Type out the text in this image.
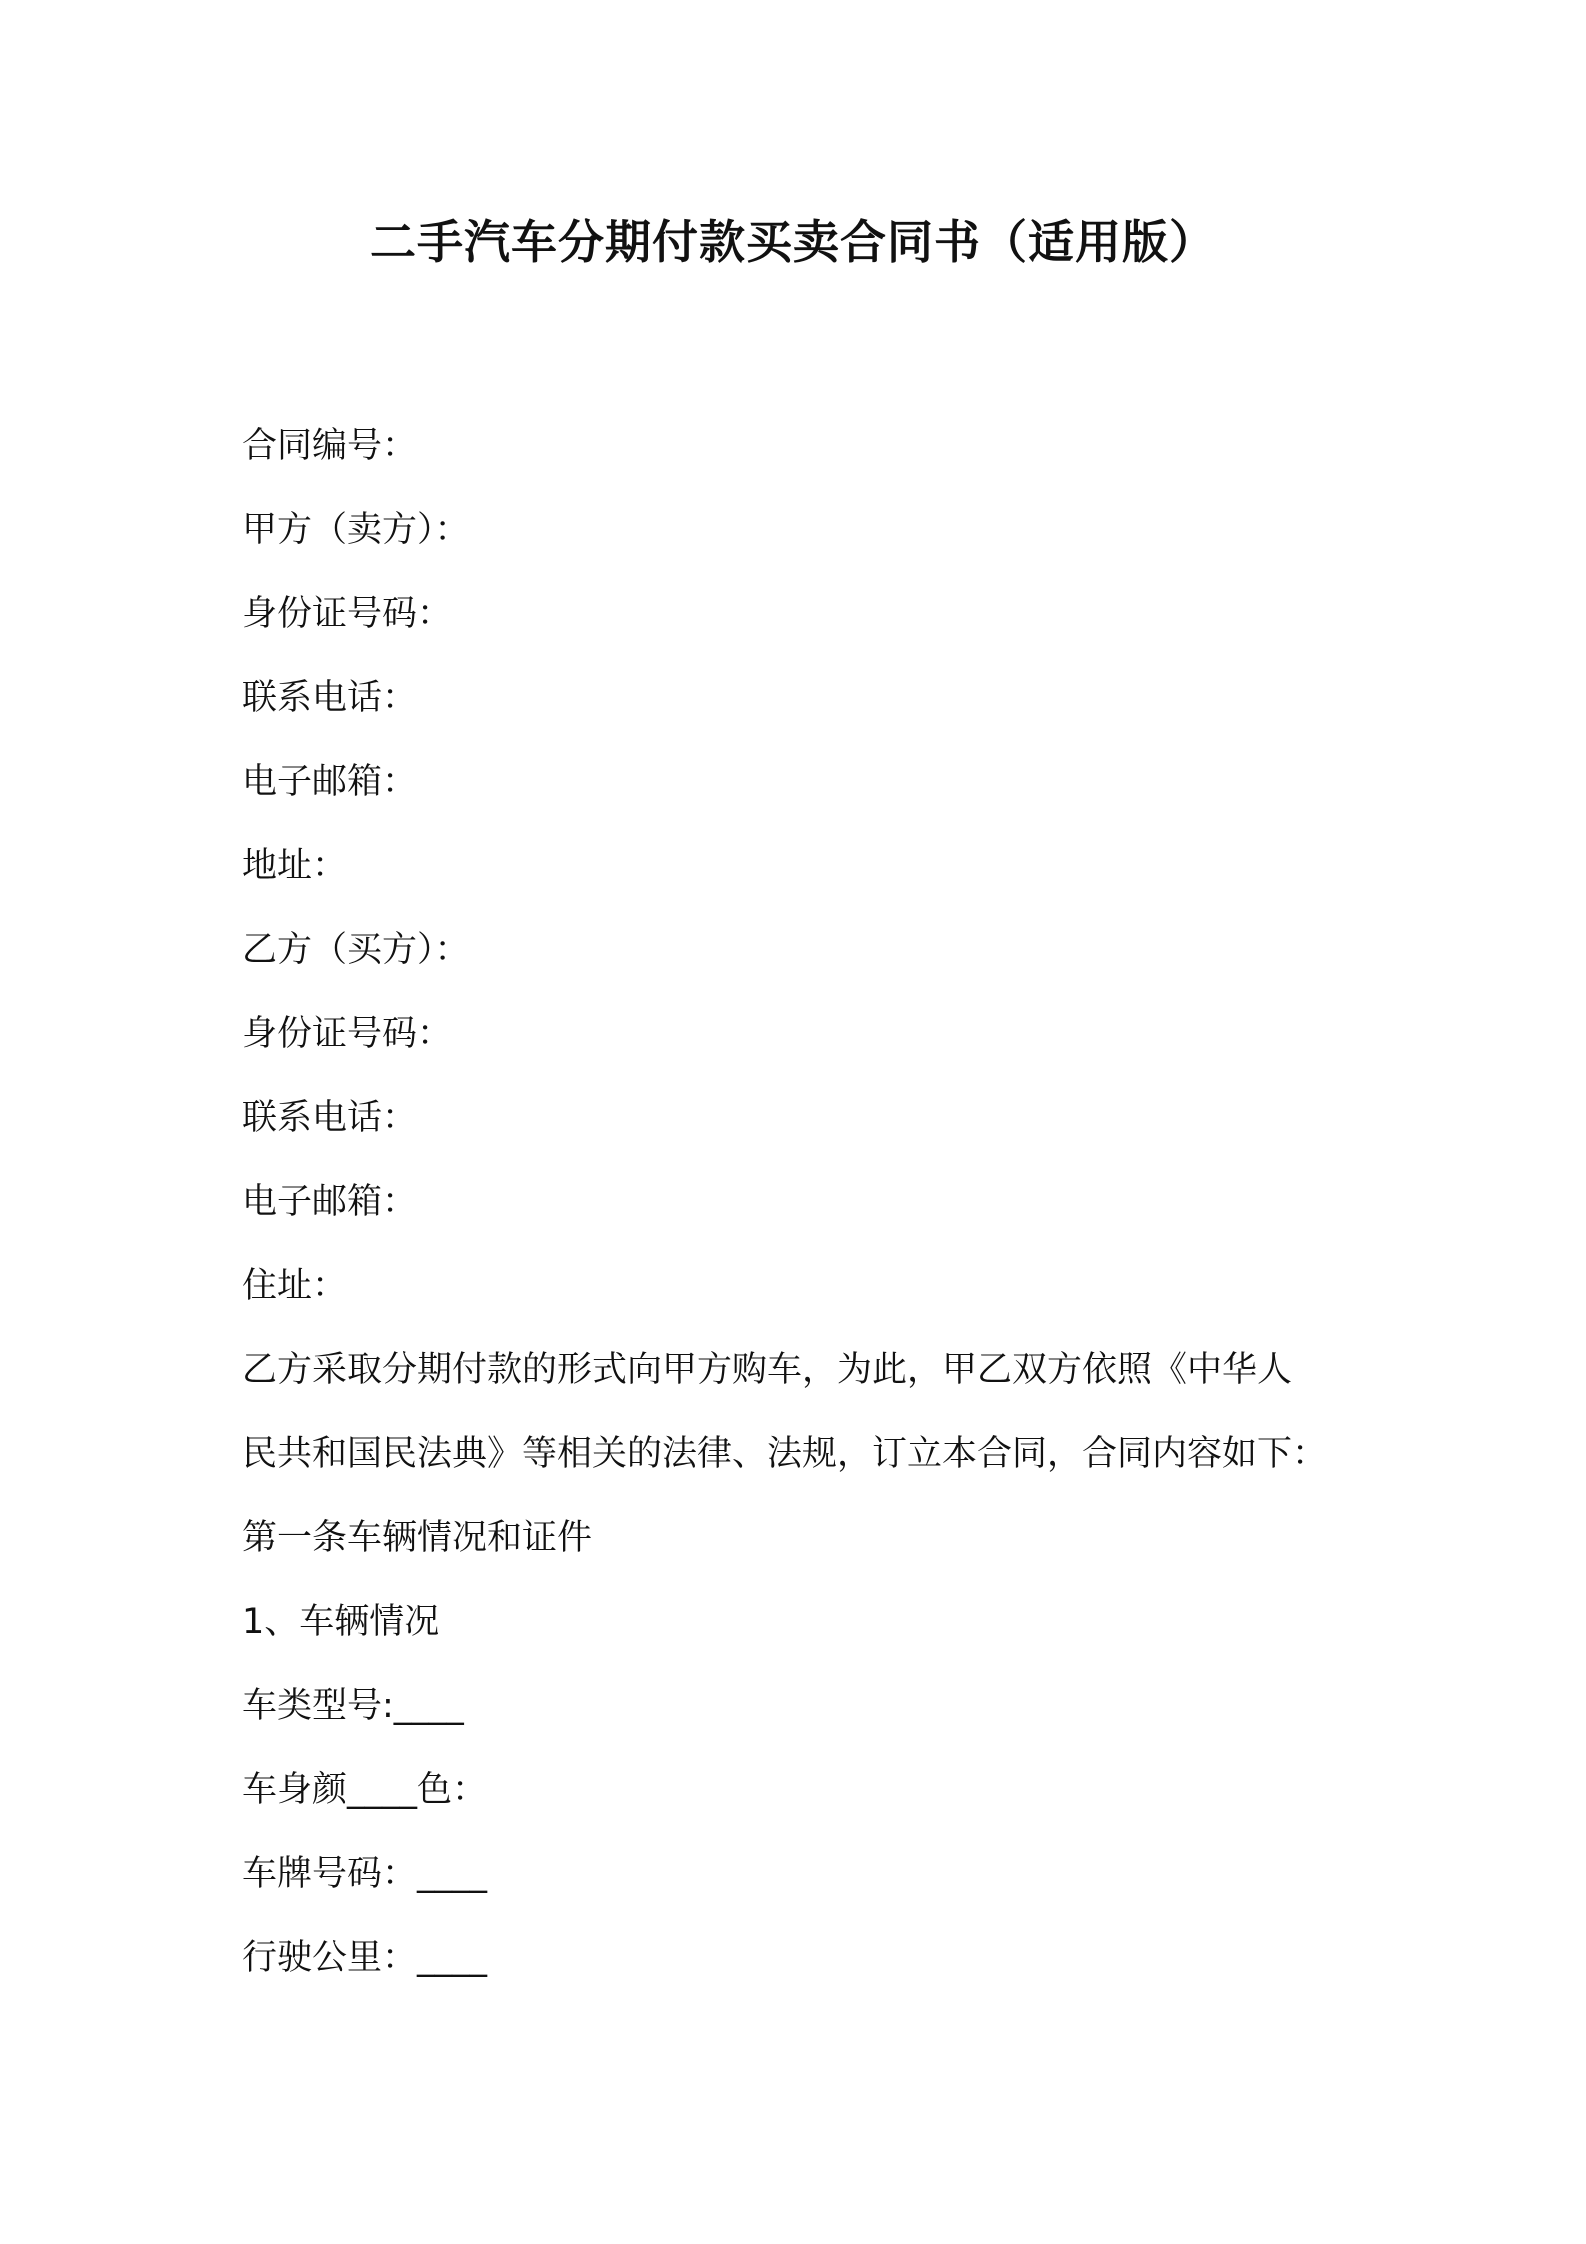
二手汽车分期付款买卖合同书（适用版）
合同编号：
甲方（卖方）：
身份证号码：
联系电话：
电子邮箱：
地址：
乙方（买方）：
身份证号码：
联系电话：
电子邮箱：
住址：
乙方采取分期付款的形式向甲方购车，为此，甲乙双方依照《中华人
民共和国民法典》等相关的法律、法规，订立本合同，合同内容如下：
第一条车辆情况和证件
1、车辆情况
车类型号:____
车身颜____色：
车牌号码：____
行驶公里：____
